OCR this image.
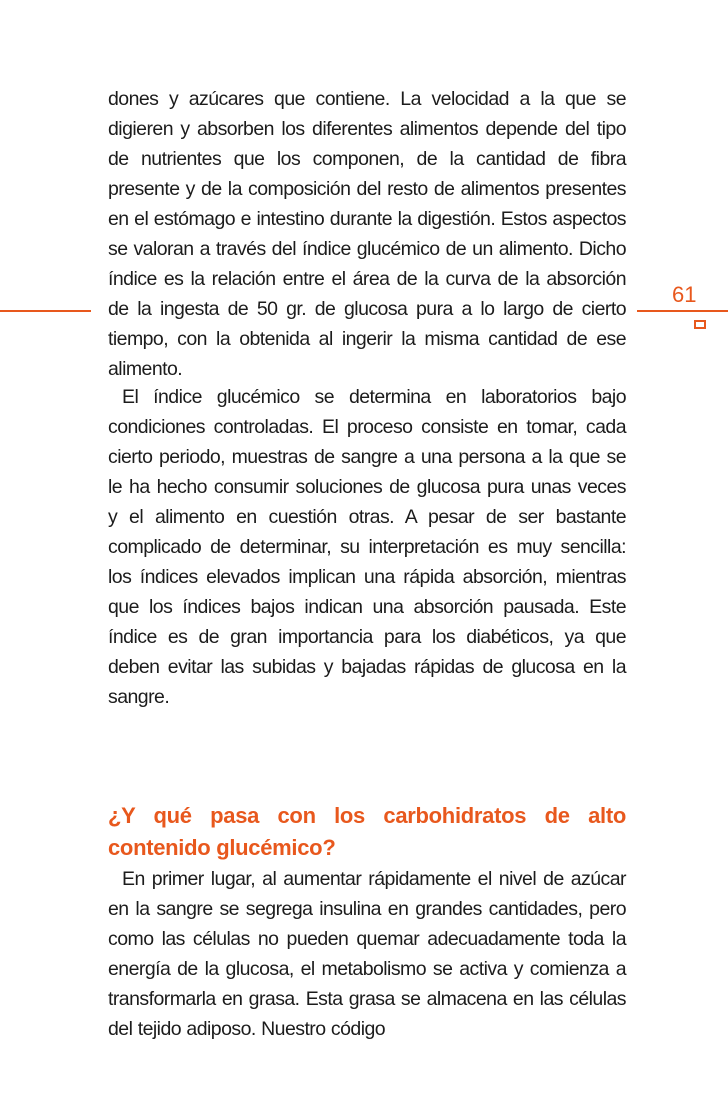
dones y azúcares que contiene. La velocidad a la que se digieren y absorben los diferentes alimentos depende del tipo de nutrientes que los componen, de la cantidad de fibra presente y de la composición del resto de alimentos presentes en el estómago e intestino durante la digestión. Estos aspectos se valoran a través del índice glucémico de un alimento. Dicho índice es la relación entre el área de la curva de la absorción de la ingesta de 50 gr. de glucosa pura a lo largo de cierto tiempo, con la obtenida al ingerir la misma cantidad de ese alimento.

El índice glucémico se determina en laboratorios bajo condiciones controladas. El proceso consiste en tomar, cada cierto periodo, muestras de sangre a una persona a la que se le ha hecho consumir soluciones de glucosa pura unas veces y el alimento en cuestión otras. A pesar de ser bastante complicado de determinar, su interpretación es muy sencilla: los índices elevados implican una rápida absorción, mientras que los índices bajos indican una absorción pausada. Este índice es de gran importancia para los diabéticos, ya que deben evitar las subidas y bajadas rápidas de glucosa en la sangre.

¿Y qué pasa con los carbohidratos de alto contenido glucémico?

En primer lugar, al aumentar rápidamente el nivel de azúcar en la sangre se segrega insulina en grandes cantidades, pero como las células no pueden quemar adecuadamente toda la energía de la glucosa, el metabolismo se activa y comienza a transformarla en grasa. Esta grasa se almacena en las células del tejido adiposo. Nuestro código

61
